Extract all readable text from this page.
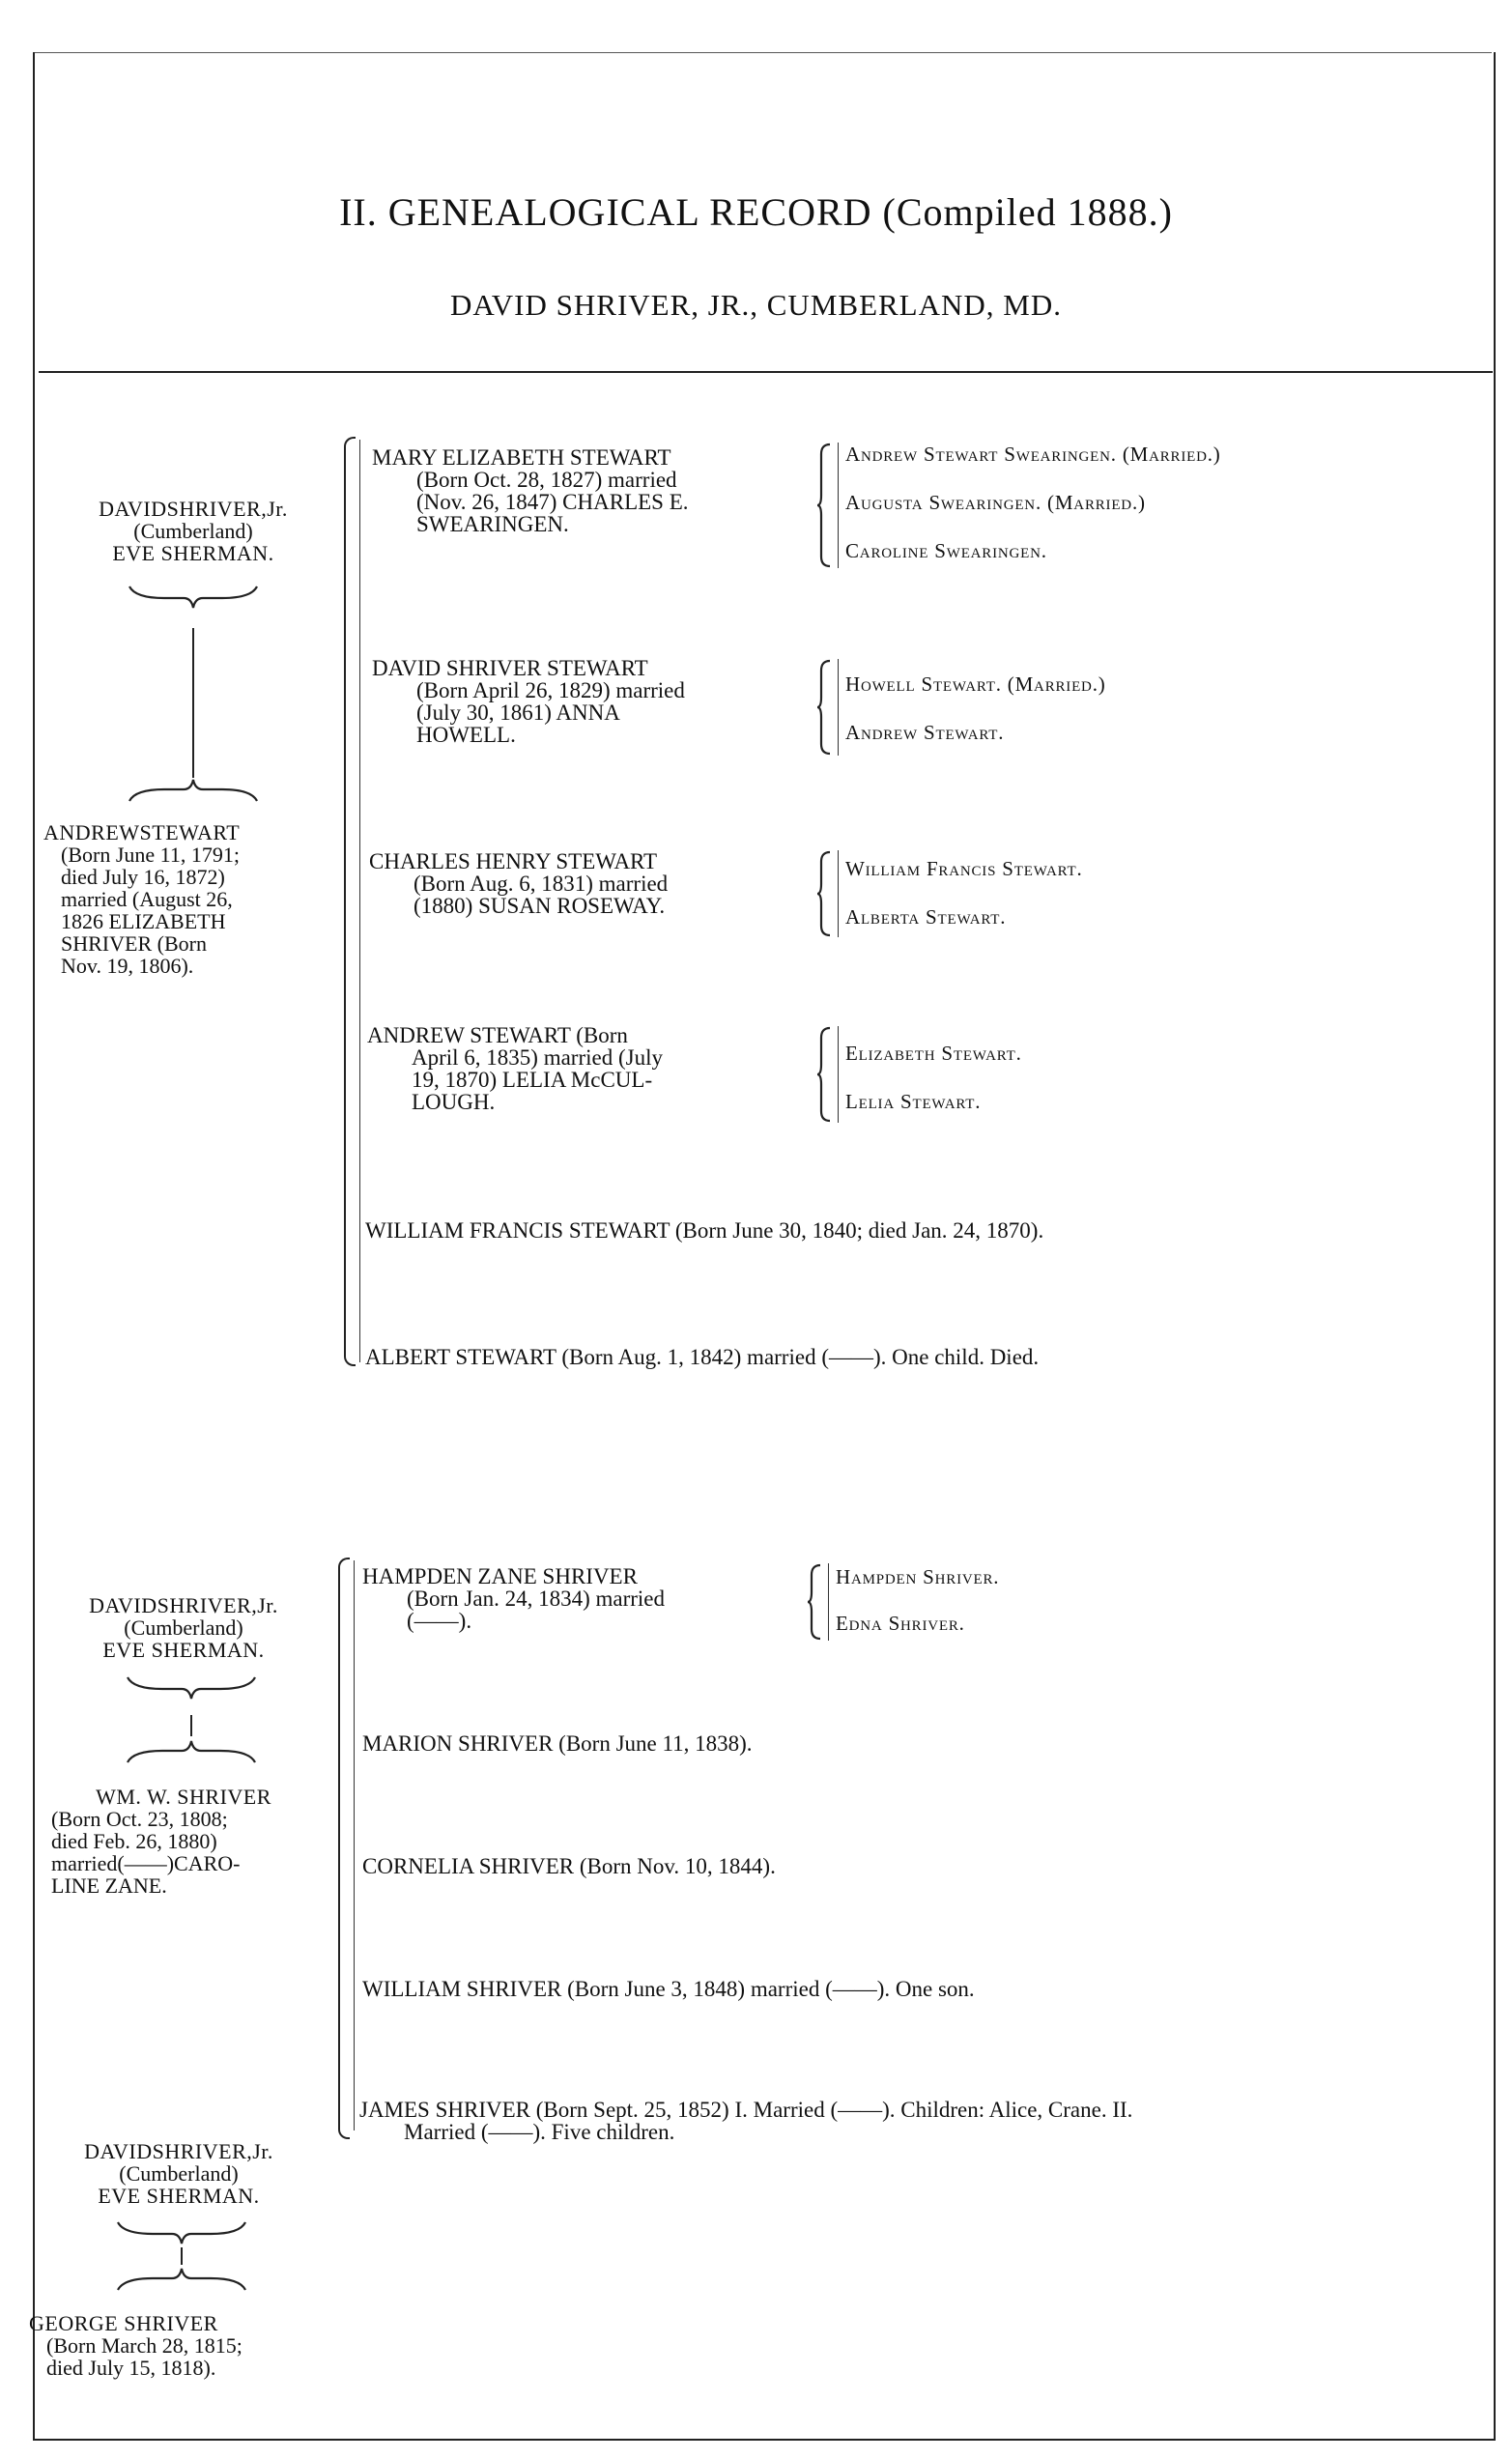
II. GENEALOGICAL RECORD (Compiled 1888.)
DAVID SHRIVER, JR., CUMBERLAND, MD.
DAVIDSHRIVER,Jr.
(Cumberland)
EVE SHERMAN.
ANDREWSTEWART
(Born June 11, 1791;
died July 16, 1872)
married (August 26,
1826 ELIZABETH
SHRIVER (Born
Nov. 19, 1806).
MARY ELIZABETH STEWART
(Born Oct. 28, 1827) married
(Nov. 26, 1847) CHARLES E.
SWEARINGEN.
Andrew Stewart Swearingen. (Married.)
Augusta Swearingen. (Married.)
Caroline Swearingen.
DAVID SHRIVER STEWART
(Born April 26, 1829) married
(July 30, 1861) ANNA
HOWELL.
Howell Stewart. (Married.)
Andrew Stewart.
CHARLES HENRY STEWART
(Born Aug. 6, 1831) married
(1880) SUSAN ROSEWAY.
William Francis Stewart.
Alberta Stewart.
ANDREW STEWART (Born
April 6, 1835) married (July
19, 1870) LELIA McCUL-
LOUGH.
Elizabeth Stewart.
Lelia Stewart.
WILLIAM FRANCIS STEWART (Born June 30, 1840; died Jan. 24, 1870).
ALBERT STEWART (Born Aug. 1, 1842) married (——). One child. Died.
DAVIDSHRIVER,Jr.
(Cumberland)
EVE SHERMAN.
WM. W. SHRIVER
(Born Oct. 23, 1808;
died Feb. 26, 1880)
married(——)CARO-
LINE ZANE.
HAMPDEN ZANE SHRIVER
(Born Jan. 24, 1834) married
(——).
Hampden Shriver.
Edna Shriver.
MARION SHRIVER (Born June 11, 1838).
CORNELIA SHRIVER (Born Nov. 10, 1844).
WILLIAM SHRIVER (Born June 3, 1848) married (——). One son.
JAMES SHRIVER (Born Sept. 25, 1852) I. Married (——). Children: Alice, Crane. II.
Married (——). Five children.
DAVIDSHRIVER,Jr.
(Cumberland)
EVE SHERMAN.
GEORGE SHRIVER
(Born March 28, 1815;
died July 15, 1818).
